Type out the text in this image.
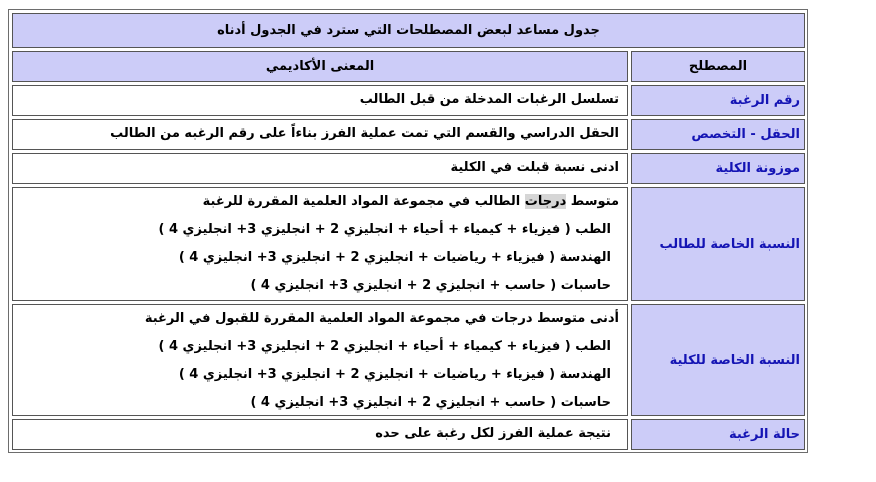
جدول مساعد لبعض المصطلحات التي سترد في الجدول أدناه
المصطلح
المعنى الأكاديمي
رقم الرغبة
تسلسل الرغبات المدخلة من قبل الطالب
الحقل - التخصص
الحقل الدراسي والقسم التي تمت عملية الفرز بناءاً على رقم الرغبه من الطالب
موزونة الكلية
ادنى نسبة قبلت في الكلية
النسبة الخاصة للطالب
متوسط درجات الطالب في مجموعة المواد العلمية المقررة للرغبة
الطب ( فيزياء + كيمياء + أحياء + انجليزي 2 + انجليزي 3+ انجليزي 4 )
الهندسة ( فيزياء + رياضيات + انجليزي 2 + انجليزي 3+ انجليزي 4 )
حاسبات ( حاسب + انجليزي 2 + انجليزي 3+ انجليزي 4 )
النسبة الخاصة للكلية
أدنى متوسط درجات في مجموعة المواد العلمية المقررة للقبول في الرغبة
الطب ( فيزياء + كيمياء + أحياء + انجليزي 2 + انجليزي 3+ انجليزي 4 )
الهندسة ( فيزياء + رياضيات + انجليزي 2 + انجليزي 3+ انجليزي 4 )
حاسبات ( حاسب + انجليزي 2 + انجليزي 3+ انجليزي 4 )
حالة الرغبة
نتيجة عملية الفرز لكل رغبة على حده
